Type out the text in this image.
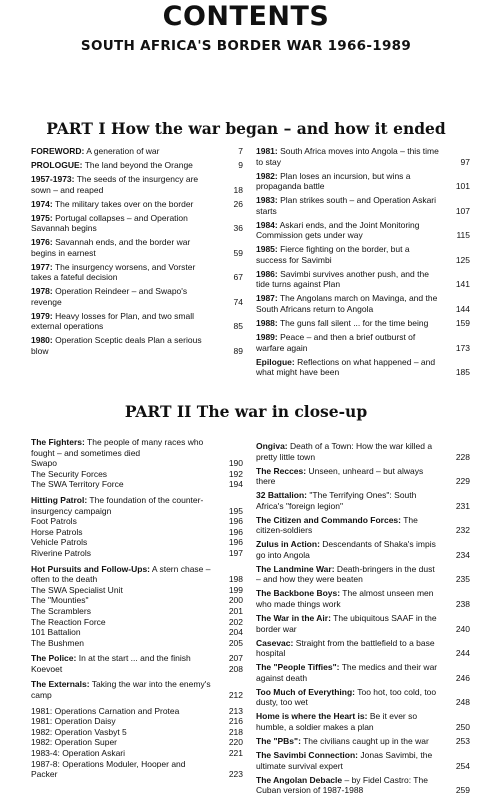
CONTENTS
SOUTH AFRICA'S BORDER WAR 1966-1989
PART I How the war began – and how it ended
FOREWORD: A generation of war	7
PROLOGUE: The land beyond the Orange	9
1957-1973: The seeds of the insurgency are sown – and reaped	18
1974: The military takes over on the border	26
1975: Portugal collapses – and Operation Savannah begins	36
1976: Savannah ends, and the border war begins in earnest	59
1977: The insurgency worsens, and Vorster takes a fateful decision	67
1978: Operation Reindeer – and Swapo's revenge	74
1979: Heavy losses for Plan, and two small external operations	85
1980: Operation Sceptic deals Plan a serious blow	89
1981: South Africa moves into Angola – this time to stay	97
1982: Plan loses an incursion, but wins a propaganda battle	101
1983: Plan strikes south – and Operation Askari starts	107
1984: Askari ends, and the Joint Monitoring Commission gets under way	115
1985: Fierce fighting on the border, but a success for Savimbi	125
1986: Savimbi survives another push, and the tide turns against Plan	141
1987: The Angolans march on Mavinga, and the South Africans return to Angola	144
1988: The guns fall silent ... for the time being	159
1989: Peace – and then a brief outburst of warfare again	173
Epilogue: Reflections on what happened – and what might have been	185
PART II The war in close-up
The Fighters: The people of many races who fought – and sometimes died
Swapo	190
The Security Forces	192
The SWA Territory Force	194
Hitting Patrol: The foundation of the counter-insurgency campaign	195
Foot Patrols	196
Horse Patrols	196
Vehicle Patrols	196
Riverine Patrols	197
Hot Pursuits and Follow-Ups: A stern chase – often to the death	198
The SWA Specialist Unit	199
The "Mounties"	200
The Scramblers	201
The Reaction Force	202
101 Battalion	204
The Bushmen	205
The Police: In at the start ... and the finish	207
Koevoet	208
The Externals: Taking the war into the enemy's camp	212
1981: Operations Carnation and Protea	213
1981: Operation Daisy	216
1982: Operation Vasbyt 5	218
1982: Operation Super	220
1983-4: Operation Askari	221
1987-8: Operations Moduler, Hooper and Packer	223
Ongiva: Death of a Town: How the war killed a pretty little town	228
The Recces: Unseen, unheard – but always there	229
32 Battalion: "The Terrifying Ones": South Africa's "foreign legion"	231
The Citizen and Commando Forces: The citizen-soldiers	232
Zulus in Action: Descendants of Shaka's impis go into Angola	234
The Landmine War: Death-bringers in the dust – and how they were beaten	235
The Backbone Boys: The almost unseen men who made things work	238
The War in the Air: The ubiquitous SAAF in the border war	240
Casevac: Straight from the battlefield to a base hospital	244
The "People Tiffies": The medics and their war against death	246
Too Much of Everything: Too hot, too cold, too dusty, too wet	248
Home is where the Heart is: Be it ever so humble, a soldier makes a plan	250
The "PBs": The civilians caught up in the war	253
The Savimbi Connection: Jonas Savimbi, the ultimate survival expert	254
The Angolan Debacle – by Fidel Castro: The Cuban version of 1987-1988	259
